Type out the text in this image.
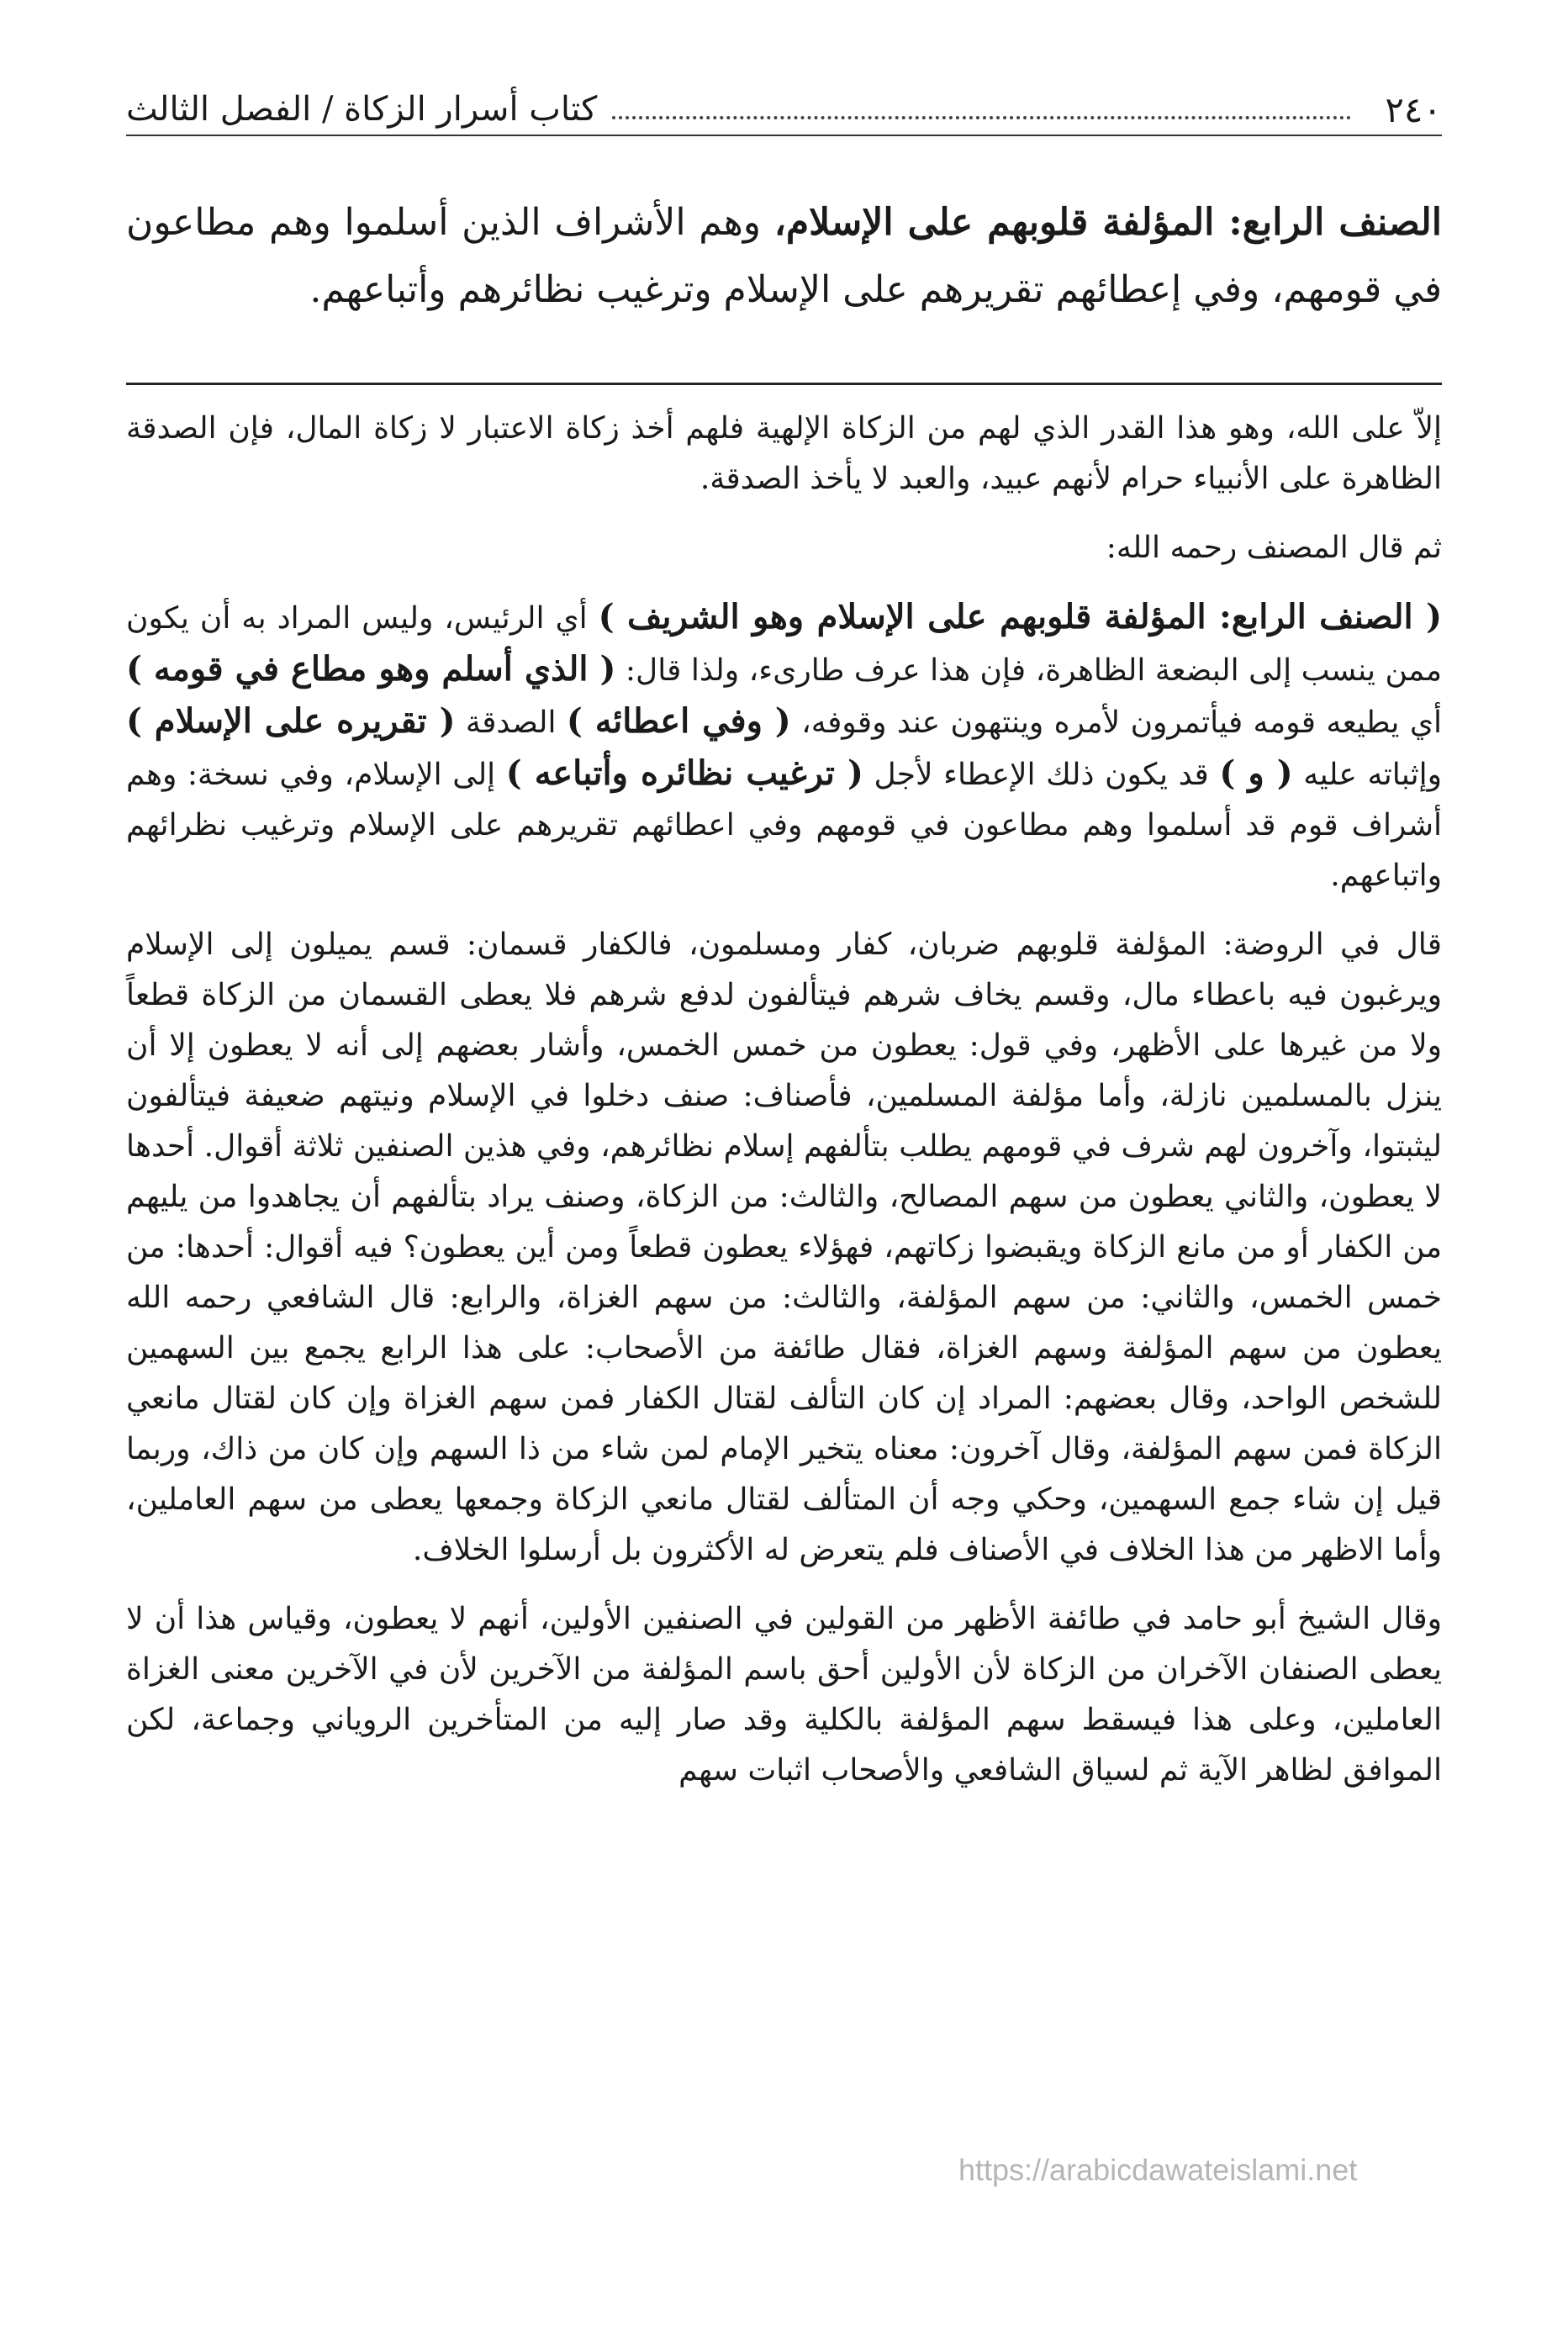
٢٤٠
كتاب أسرار الزكاة / الفصل الثالث
الصنف الرابع: المؤلفة قلوبهم على الإسلام، وهم الأشراف الذين أسلموا وهم مطاعون في قومهم، وفي إعطائهم تقريرهم على الإسلام وترغيب نظائرهم وأتباعهم.

إلاّ على الله، وهو هذا القدر الذي لهم من الزكاة الإلهية فلهم أخذ زكاة الاعتبار لا زكاة المال، فإن الصدقة الظاهرة على الأنبياء حرام لأنهم عبيد، والعبد لا يأخذ الصدقة.

ثم قال المصنف رحمه الله:

( الصنف الرابع: المؤلفة قلوبهم على الإسلام وهو الشريف ) أي الرئيس، وليس المراد به أن يكون ممن ينسب إلى البضعة الظاهرة، فإن هذا عرف طارىء، ولذا قال: ( الذي أسلم وهو مطاع في قومه ) أي يطيعه قومه فيأتمرون لأمره وينتهون عند وقوفه، ( وفي اعطائه ) الصدقة ( تقريره على الإسلام ) وإثباته عليه ( و ) قد يكون ذلك الإعطاء لأجل ( ترغيب نظائره وأتباعه ) إلى الإسلام، وفي نسخة: وهم أشراف قوم قد أسلموا وهم مطاعون في قومهم وفي اعطائهم تقريرهم على الإسلام وترغيب نظرائهم واتباعهم.

قال في الروضة: المؤلفة قلوبهم ضربان، كفار ومسلمون، فالكفار قسمان: قسم يميلون إلى الإسلام ويرغبون فيه باعطاء مال، وقسم يخاف شرهم فيتألفون لدفع شرهم فلا يعطى القسمان من الزكاة قطعاً ولا من غيرها على الأظهر، وفي قول: يعطون من خمس الخمس، وأشار بعضهم إلى أنه لا يعطون إلا أن ينزل بالمسلمين نازلة، وأما مؤلفة المسلمين، فأصناف: صنف دخلوا في الإسلام ونيتهم ضعيفة فيتألفون ليثبتوا، وآخرون لهم شرف في قومهم يطلب بتألفهم إسلام نظائرهم، وفي هذين الصنفين ثلاثة أقوال. أحدها لا يعطون، والثاني يعطون من سهم المصالح، والثالث: من الزكاة، وصنف يراد بتألفهم أن يجاهدوا من يليهم من الكفار أو من مانع الزكاة ويقبضوا زكاتهم، فهؤلاء يعطون قطعاً ومن أين يعطون؟ فيه أقوال: أحدها: من خمس الخمس، والثاني: من سهم المؤلفة، والثالث: من سهم الغزاة، والرابع: قال الشافعي رحمه الله يعطون من سهم المؤلفة وسهم الغزاة، فقال طائفة من الأصحاب: على هذا الرابع يجمع بين السهمين للشخص الواحد، وقال بعضهم: المراد إن كان التألف لقتال الكفار فمن سهم الغزاة وإن كان لقتال مانعي الزكاة فمن سهم المؤلفة، وقال آخرون: معناه يتخير الإمام لمن شاء من ذا السهم وإن كان من ذاك، وربما قيل إن شاء جمع السهمين، وحكي وجه أن المتألف لقتال مانعي الزكاة وجمعها يعطى من سهم العاملين، وأما الاظهر من هذا الخلاف في الأصناف فلم يتعرض له الأكثرون بل أرسلوا الخلاف.

وقال الشيخ أبو حامد في طائفة الأظهر من القولين في الصنفين الأولين، أنهم لا يعطون، وقياس هذا أن لا يعطى الصنفان الآخران من الزكاة لأن الأولين أحق باسم المؤلفة من الآخرين لأن في الآخرين معنى الغزاة العاملين، وعلى هذا فيسقط سهم المؤلفة بالكلية وقد صار إليه من المتأخرين الروياني وجماعة، لكن الموافق لظاهر الآية ثم لسياق الشافعي والأصحاب اثبات سهم

https://arabicdawateislami.net
